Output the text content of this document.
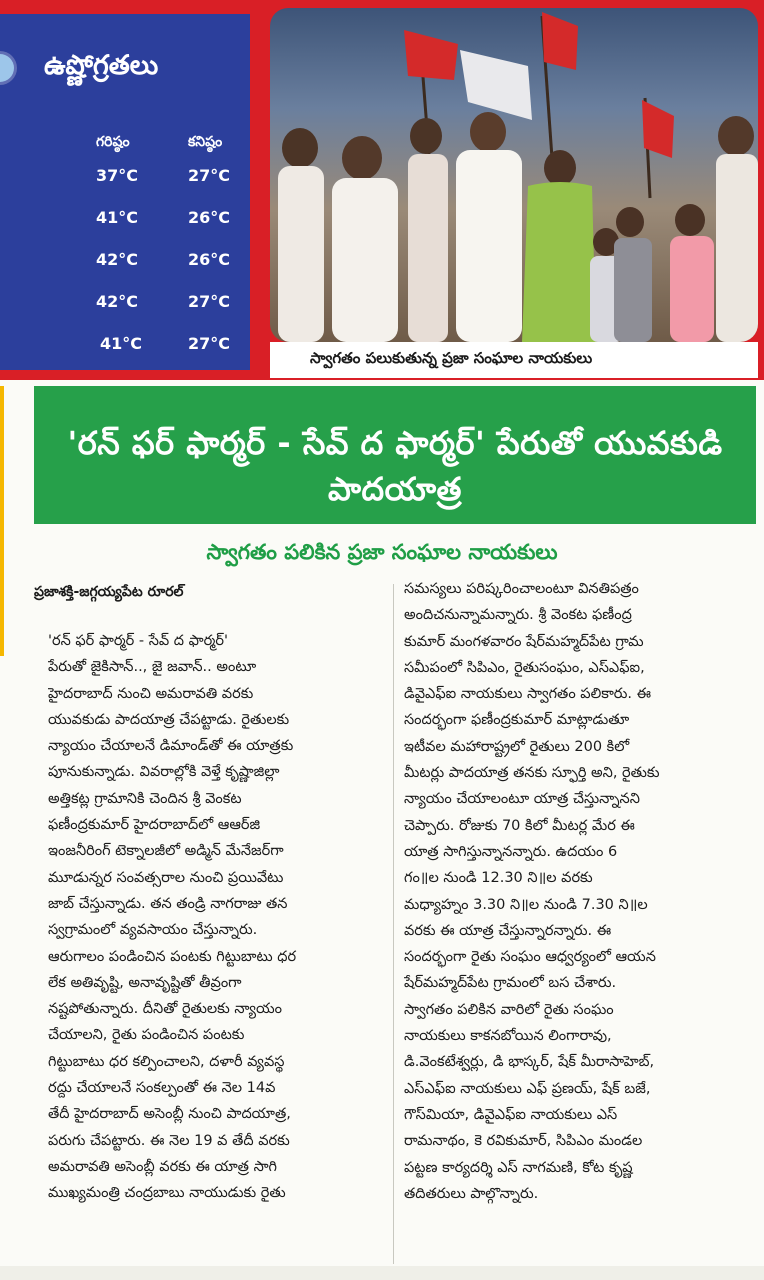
ఉష్ణోగ్రతలు
గరిష్ఠం	కనిష్ఠం
37°C	27°C
41°C	26°C
42°C	26°C
42°C	27°C
41°C	27°C
స్వాగతం పలుకుతున్న ప్రజా సంఘాల నాయకులు
'రన్ ఫర్ ఫార్మర్ - సేవ్ ద ఫార్మర్' పేరుతో యువకుడి పాదయాత్ర
స్వాగతం పలికిన ప్రజా సంఘాల నాయకులు
ప్రజాశక్తి-జగ్గయ్యపేట రూరల్
'రన్ ఫర్ ఫార్మర్ - సేవ్ ద ఫార్మర్'
పేరుతో జైకిసాన్.., జై జవాన్.. అంటూ
హైదరాబాద్ నుంచి అమరావతి వరకు
యువకుడు పాదయాత్ర చేపట్టాడు. రైతులకు
న్యాయం చేయాలనే డిమాండ్‌తో ఈ యాత్రకు
పూనుకున్నాడు. వివరాల్లోకి వెళ్తే కృష్ణాజిల్లా
అత్తికట్ల గ్రామానికి చెందిన శ్రీ వెంకట
ఫణీంద్రకుమార్ హైదరాబాద్‌లో ఆఆర్‌జి
ఇంజనీరింగ్ టెక్నాలజీలో అడ్మిన్ మేనేజర్‌గా
మూడున్నర సంవత్సరాల నుంచి ప్రయివేటు
జాబ్ చేస్తున్నాడు. తన తండ్రి నాగరాజు తన
స్వగ్రామంలో వ్యవసాయం చేస్తున్నారు.
ఆరుగాలం పండించిన పంటకు గిట్టుబాటు ధర
లేక అతివృష్టి, అనావృష్టితో తీవ్రంగా
నష్టపోతున్నారు. దీనితో రైతులకు న్యాయం
చేయాలని, రైతు పండించిన పంటకు
గిట్టుబాటు ధర కల్పించాలని, దళారీ వ్యవస్థ
రద్దు చేయాలనే సంకల్పంతో ఈ నెల 14వ
తేదీ హైదరాబాద్ అసెంబ్లీ నుంచి పాదయాత్ర,
పరుగు చేపట్టారు. ఈ నెల 19 వ తేదీ వరకు
అమరావతి అసెంబ్లీ వరకు ఈ యాత్ర సాగి
ముఖ్యమంత్రి చంద్రబాబు నాయుడుకు రైతు
సమస్యలు పరిష్కరించాలంటూ వినతిపత్రం
అందిచనున్నామన్నారు. శ్రీ వెంకట ఫణీంద్ర
కుమార్ మంగళవారం షేర్‌మహ్మద్‌పేట గ్రామ
సమీపంలో సిపిఎం, రైతుసంఘం, ఎస్ఎఫ్ఐ,
డివైఎఫ్ఐ నాయకులు స్వాగతం పలికారు. ఈ
సందర్భంగా ఫణీంద్రకుమార్ మాట్లాడుతూ
ఇటీవల మహారాష్ట్రలో రైతులు 200 కిలో
మీటర్లు పాదయాత్ర తనకు స్ఫూర్తి అని, రైతుకు
న్యాయం చేయాలంటూ యాత్ర చేస్తున్నానని
చెప్పారు. రోజుకు 70 కిలో మీటర్ల మేర ఈ
యాత్ర సాగిస్తున్నానన్నారు. ఉదయం 6
గం॥ల నుండి 12.30 ని॥ల వరకు
మధ్యాహ్నం 3.30 ని॥ల నుండి 7.30 ని॥ల
వరకు ఈ యాత్ర చేస్తున్నారన్నారు. ఈ
సందర్భంగా రైతు సంఘం ఆధ్వర్యంలో ఆయన
షేర్‌మహ్మద్‌పేట గ్రామంలో బస చేశారు.
స్వాగతం పలికిన వారిలో రైతు సంఘం
నాయకులు కాకనబోయిన లింగారావు,
డి.వెంకటేశ్వర్లు, డి భాస్కర్, షేక్ మీరాసాహెబ్,
ఎస్ఎఫ్ఐ నాయకులు ఎఫ్ ప్రణయ్, షేక్ బజే,
గౌస్‌మియా, డివైఎఫ్ఐ నాయకులు ఎస్
రామనాథం, కె రవికుమార్, సిపిఎం మండల
పట్టణ కార్యదర్శి ఎస్ నాగమణి, కోట కృష్ణ
తదితరులు పాల్గొన్నారు.
